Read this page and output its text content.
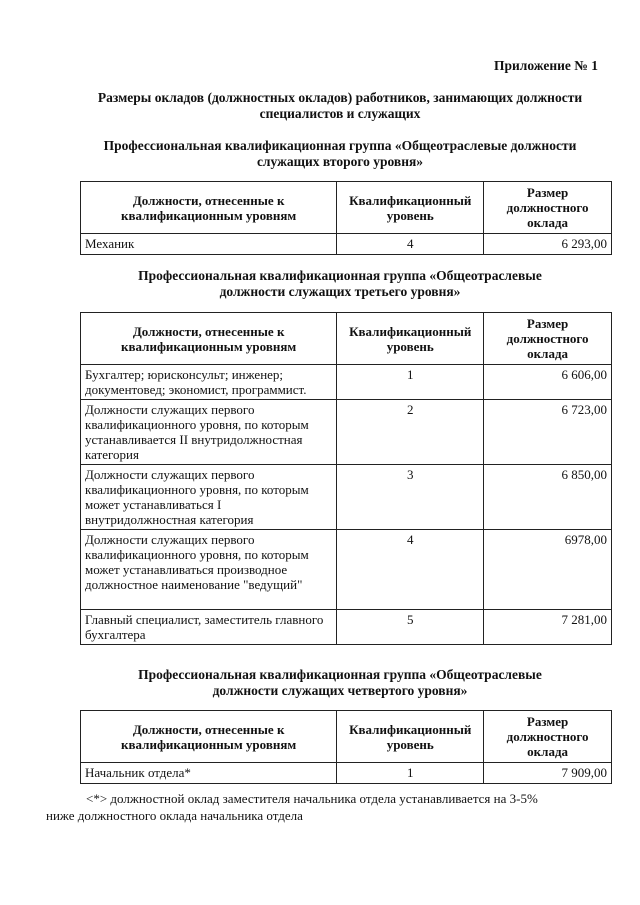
Приложение № 1
Размеры окладов (должностных окладов) работников, занимающих должности
специалистов и служащих
Профессиональная квалификационная группа «Общеотраслевые должности
служащих второго уровня»
Должности, отнесенные к квалификационным уровням	Квалификационный уровень	Размер должностного оклада
Механик	4	6 293,00
Профессиональная квалификационная группа «Общеотраслевые
должности служащих третьего уровня»
Должности, отнесенные к квалификационным уровням	Квалификационный уровень	Размер должностного оклада
Бухгалтер; юрисконсульт; инженер; документовед; экономист, программист.	1	6 606,00
Должности служащих первого квалификационного уровня, по которым устанавливается II внутридолжностная категория	2	6 723,00
Должности служащих первого квалификационного уровня, по которым может устанавливаться I внутридолжностная категория	3	6 850,00
Должности служащих первого квалификационного уровня, по которым может устанавливаться производное должностное наименование "ведущий"	4	6978,00
Главный специалист, заместитель главного бухгалтера	5	7 281,00
Профессиональная квалификационная группа «Общеотраслевые
должности служащих четвертого уровня»
Должности, отнесенные к квалификационным уровням	Квалификационный уровень	Размер должностного оклада
Начальник отдела*	1	7 909,00
<*> должностной оклад заместителя начальника отдела устанавливается на 3-5% ниже должностного оклада начальника отдела
